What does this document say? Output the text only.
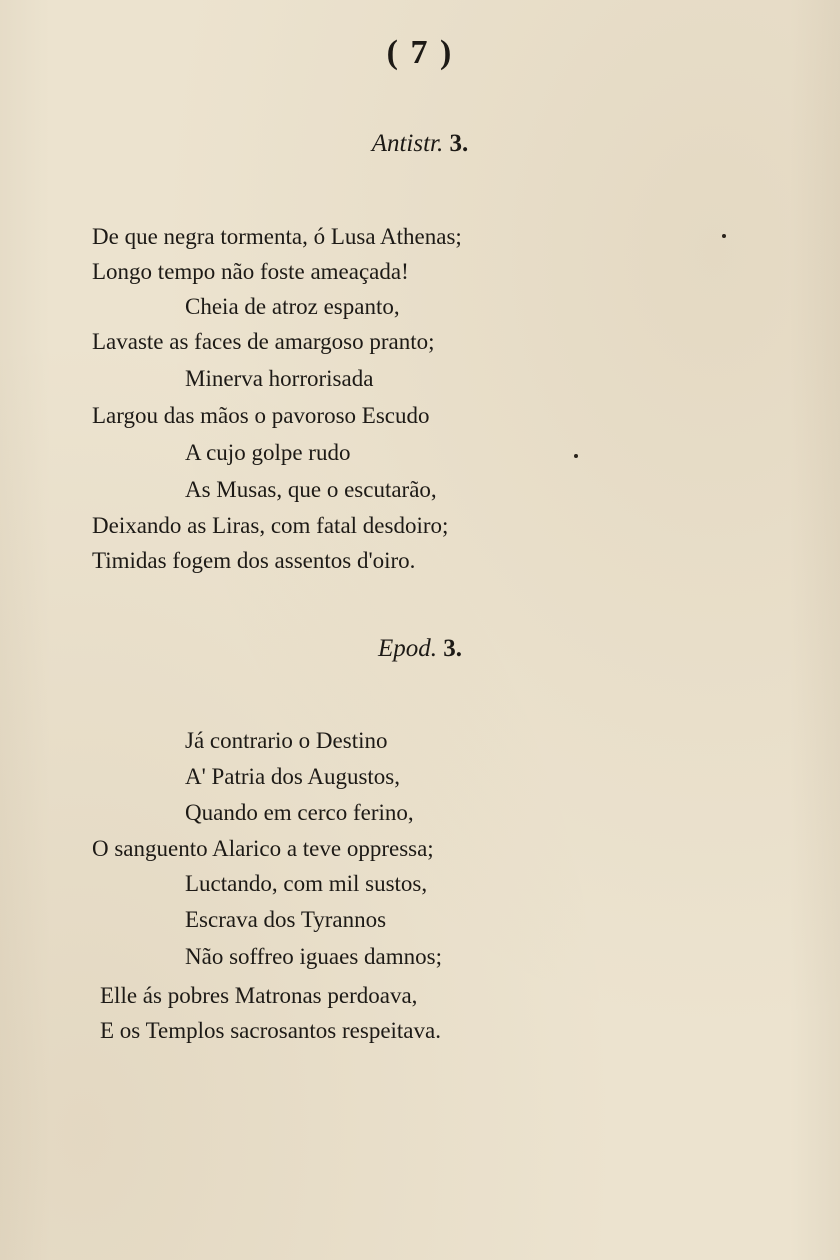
( 7 )
Antistr. 3.
De que negra tormenta, ó Lusa Athenas;
Longo tempo não foste ameaçada!
Cheia de atroz espanto,
Lavaste as faces de amargoso pranto;
Minerva horrorisada
Largou das mãos o pavoroso Escudo
A cujo golpe rudo
As Musas, que o escutarão,
Deixando as Liras, com fatal desdoiro;
Timidas fogem dos assentos d'oiro.
Epod. 3.
Já contrario o Destino
A' Patria dos Augustos,
Quando em cerco ferino,
O sanguento Alarico a teve oppressa;
Luctando, com mil sustos,
Escrava dos Tyrannos
Não soffreo iguaes damnos;
Elle ás pobres Matronas perdoava,
E os Templos sacrosantos respeitava.
